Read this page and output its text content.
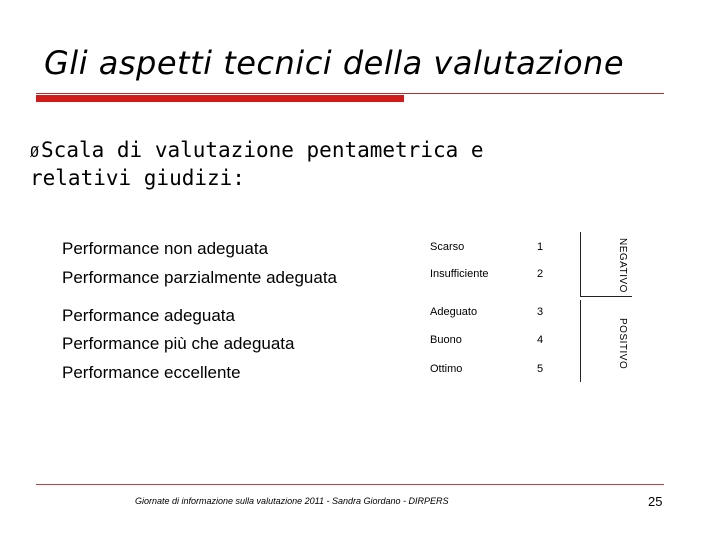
Gli aspetti tecnici della valutazione
ØScala di valutazione pentametrica e relativi giudizi:
Performance non adeguata	Scarso	1
Performance parzialmente adeguata	Insufficiente	2
Performance adeguata	Adeguato	3
Performance più che adeguata	Buono	4
Performance eccellente	Ottimo	5
NEGATIVO
POSITIVO
Giornate di informazione sulla valutazione 2011 - Sandra Giordano - DIRPERS	25
